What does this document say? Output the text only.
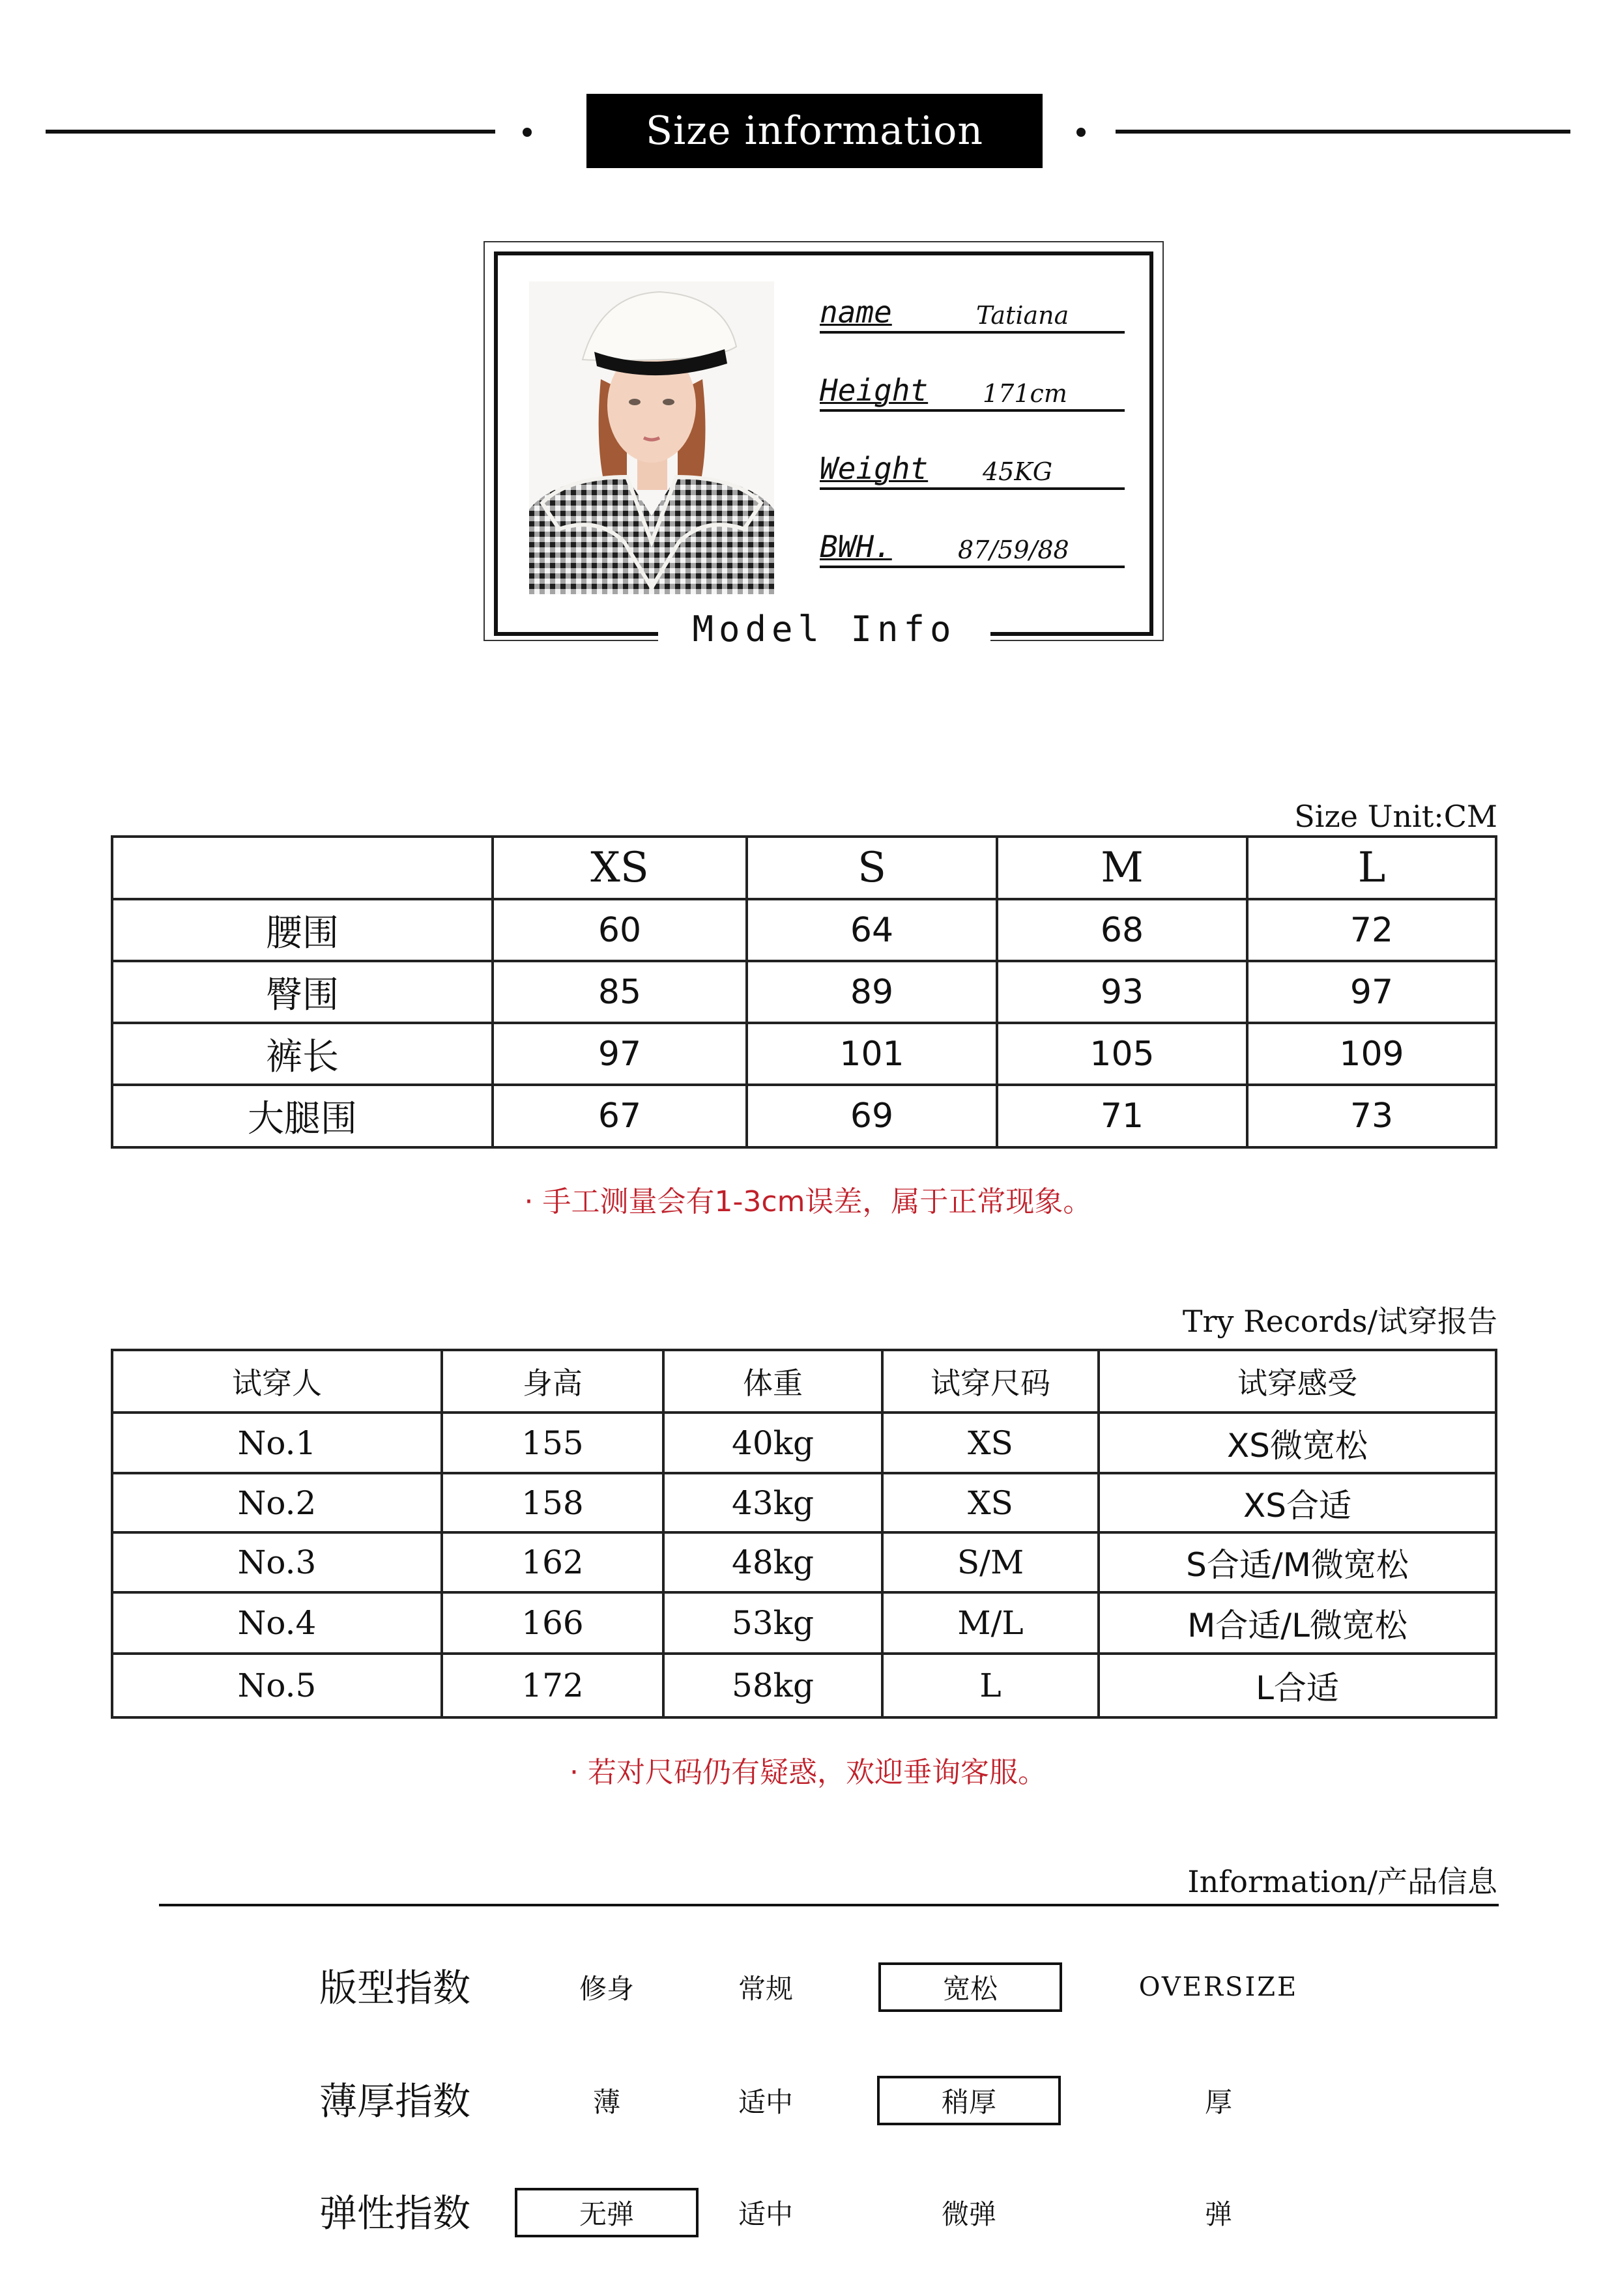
Size information
name	Tatiana
Height 171cm
Weight 45KG
BWH.	87/59/88
Model Info
Size Unit:CM
	XS	S	M	L
腰围	60	64	68	72
臀围	85	89	93	97
裤长	97	101	105	109
大腿围	67	69	71	73
· 手工测量会有1-3cm误差，属于正常现象。
Try Records/试穿报告
试穿人	身高	体重	试穿尺码	试穿感受
No.1	155	40kg	XS	XS微宽松
No.2	158	43kg	XS	XS合适
No.3	162	48kg	S/M	S合适/M微宽松
No.4	166	53kg	M/L	M合适/L微宽松
No.5	172	58kg	L	L合适
· 若对尺码仍有疑惑，欢迎垂询客服。
Information/产品信息
版型指数	修身	常规	宽松	OVERSIZE
薄厚指数	薄	适中	稍厚	厚
弹性指数	无弹	适中	微弹	弹
